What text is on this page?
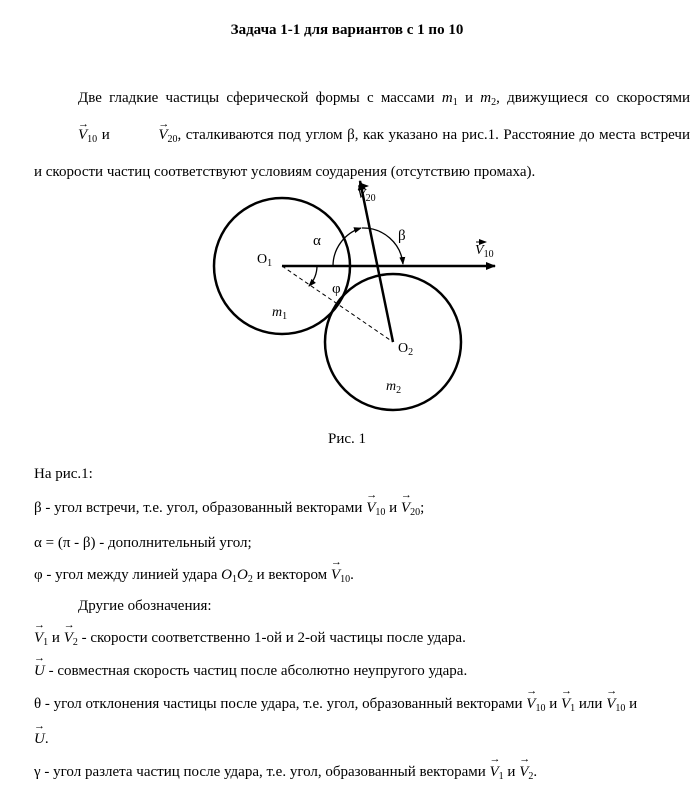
Задача 1-1 для вариантов с 1 по 10
Две гладкие частицы сферической формы с массами $m_1$ и $m_2$, движущиеся со скоростями → $V_{10}$ и →	$V_{20}$, сталкиваются под углом β, как указано на рис.1. Расстояние до места встречи и скорости частиц соответствуют условиям соударения (отсутствию промаха).
$O_1$
$O_2$
$m_1$
$m_2$
α	β
φ
$V_{20}$
$V_{10}$
Рис. 1
На рис.1:
β - угол встречи, т.е. угол, образованный векторами → $V_{10}$ $и \to V_{20}$;
α = (π - β) - дополнительный угол;
φ - угол между линией удара $O_1O_2$ и вектором → $V_{10}$.
Другие обозначения:
→ $V_1$ $и \to V_2$ - скорости соответственно 1-ой и 2-ой частицы после удара.
→ U - совместная скорость частиц после абсолютно неупругого удара.
θ - угол отклонения частицы после удара, т.е. угол, образованный векторами → $V_{10}$ $и \to V_1$ или → $V_{10}$ и
→ U.
γ - угол разлета частиц после удара, т.е. угол, образованный векторами → $V_1$ $и \to V_2$.
